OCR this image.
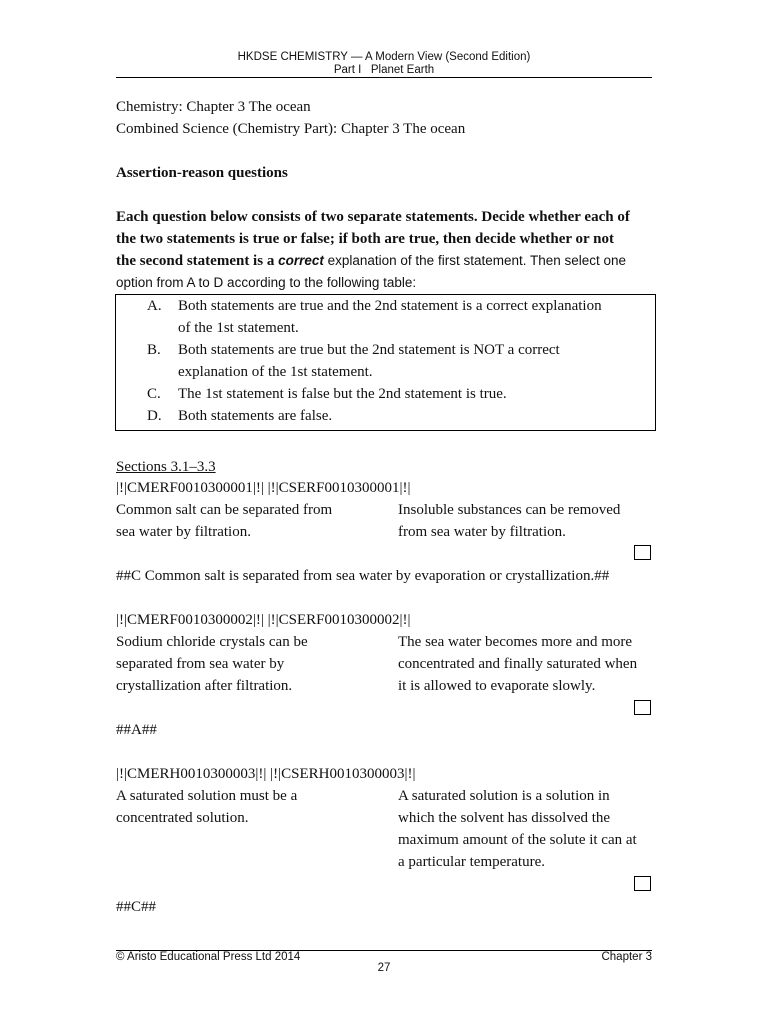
HKDSE CHEMISTRY — A Modern View (Second Edition)
Part I   Planet Earth
Chemistry: Chapter 3 The ocean
Combined Science (Chemistry Part): Chapter 3 The ocean
Assertion-reason questions
Each question below consists of two separate statements. Decide whether each of
the two statements is true or false; if both are true, then decide whether or not
the second statement is a correct explanation of the first statement. Then select one
option from A to D according to the following table:
A. Both statements are true and the 2nd statement is a correct explanation
of the 1st statement.
B. Both statements are true but the 2nd statement is NOT a correct
explanation of the 1st statement.
C. The 1st statement is false but the 2nd statement is true.
D. Both statements are false.
Sections 3.1–3.3
|!|CMERF0010300001|!| |!|CSERF0010300001|!|
Common salt can be separated from
sea water by filtration.
Insoluble substances can be removed
from sea water by filtration.
##C Common salt is separated from sea water by evaporation or crystallization.##
|!|CMERF0010300002|!| |!|CSERF0010300002|!|
Sodium chloride crystals can be
separated from sea water by
crystallization after filtration.
The sea water becomes more and more
concentrated and finally saturated when
it is allowed to evaporate slowly.
##A##
|!|CMERH0010300003|!| |!|CSERH0010300003|!|
A saturated solution must be a
concentrated solution.
A saturated solution is a solution in
which the solvent has dissolved the
maximum amount of the solute it can at
a particular temperature.
##C##
© Aristo Educational Press Ltd 2014	Chapter 3
27
